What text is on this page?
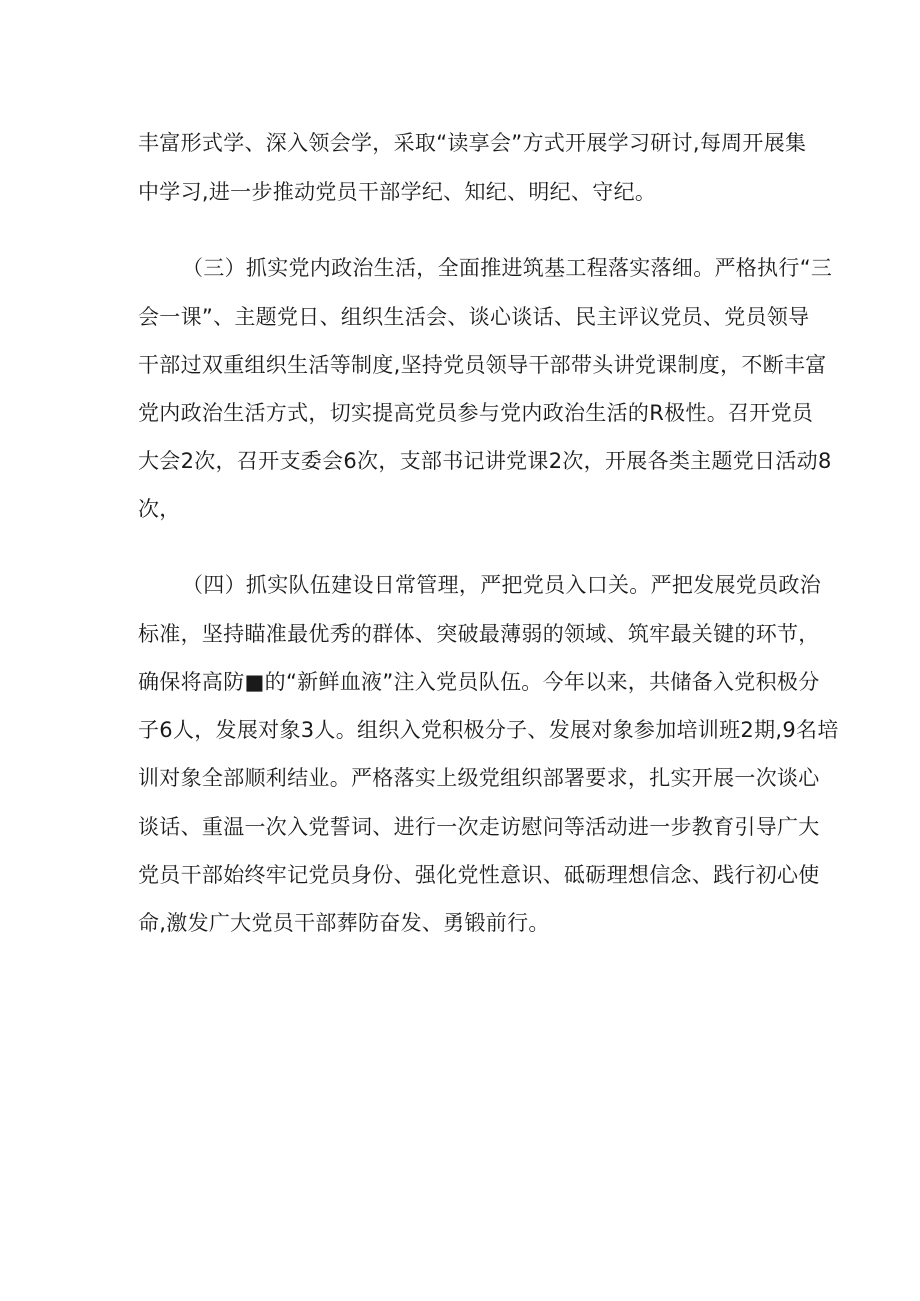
丰富形式学、深入领会学，采取“读享会”方式开展学习研讨,每周开展集
中学习,进一步推动党员干部学纪、知纪、明纪、守纪。
（三）抓实党内政治生活，全面推进筑基工程落实落细。严格执行“三
会一课”、主题党日、组织生活会、谈心谈话、民主评议党员、党员领导
干部过双重组织生活等制度,坚持党员领导干部带头讲党课制度，不断丰富
党内政治生活方式，切实提高党员参与党内政治生活的R极性。召开党员
大会2次，召开支委会6次，支部书记讲党课2次，开展各类主题党日活动8
次，
（四）抓实队伍建设日常管理，严把党员入口关。严把发展党员政治
标准，坚持瞄准最优秀的群体、突破最薄弱的领域、筑牢最关键的环节，
确保将高防■的“新鲜血液”注入党员队伍。今年以来，共储备入党积极分
子6人，发展对象3人。组织入党积极分子、发展对象参加培训班2期,9名培
训对象全部顺利结业。严格落实上级党组织部署要求，扎实开展一次谈心
谈话、重温一次入党誓词、进行一次走访慰问等活动进一步教育引导广大
党员干部始终牢记党员身份、强化党性意识、砥砺理想信念、践行初心使
命,激发广大党员干部葬防奋发、勇锻前行。
